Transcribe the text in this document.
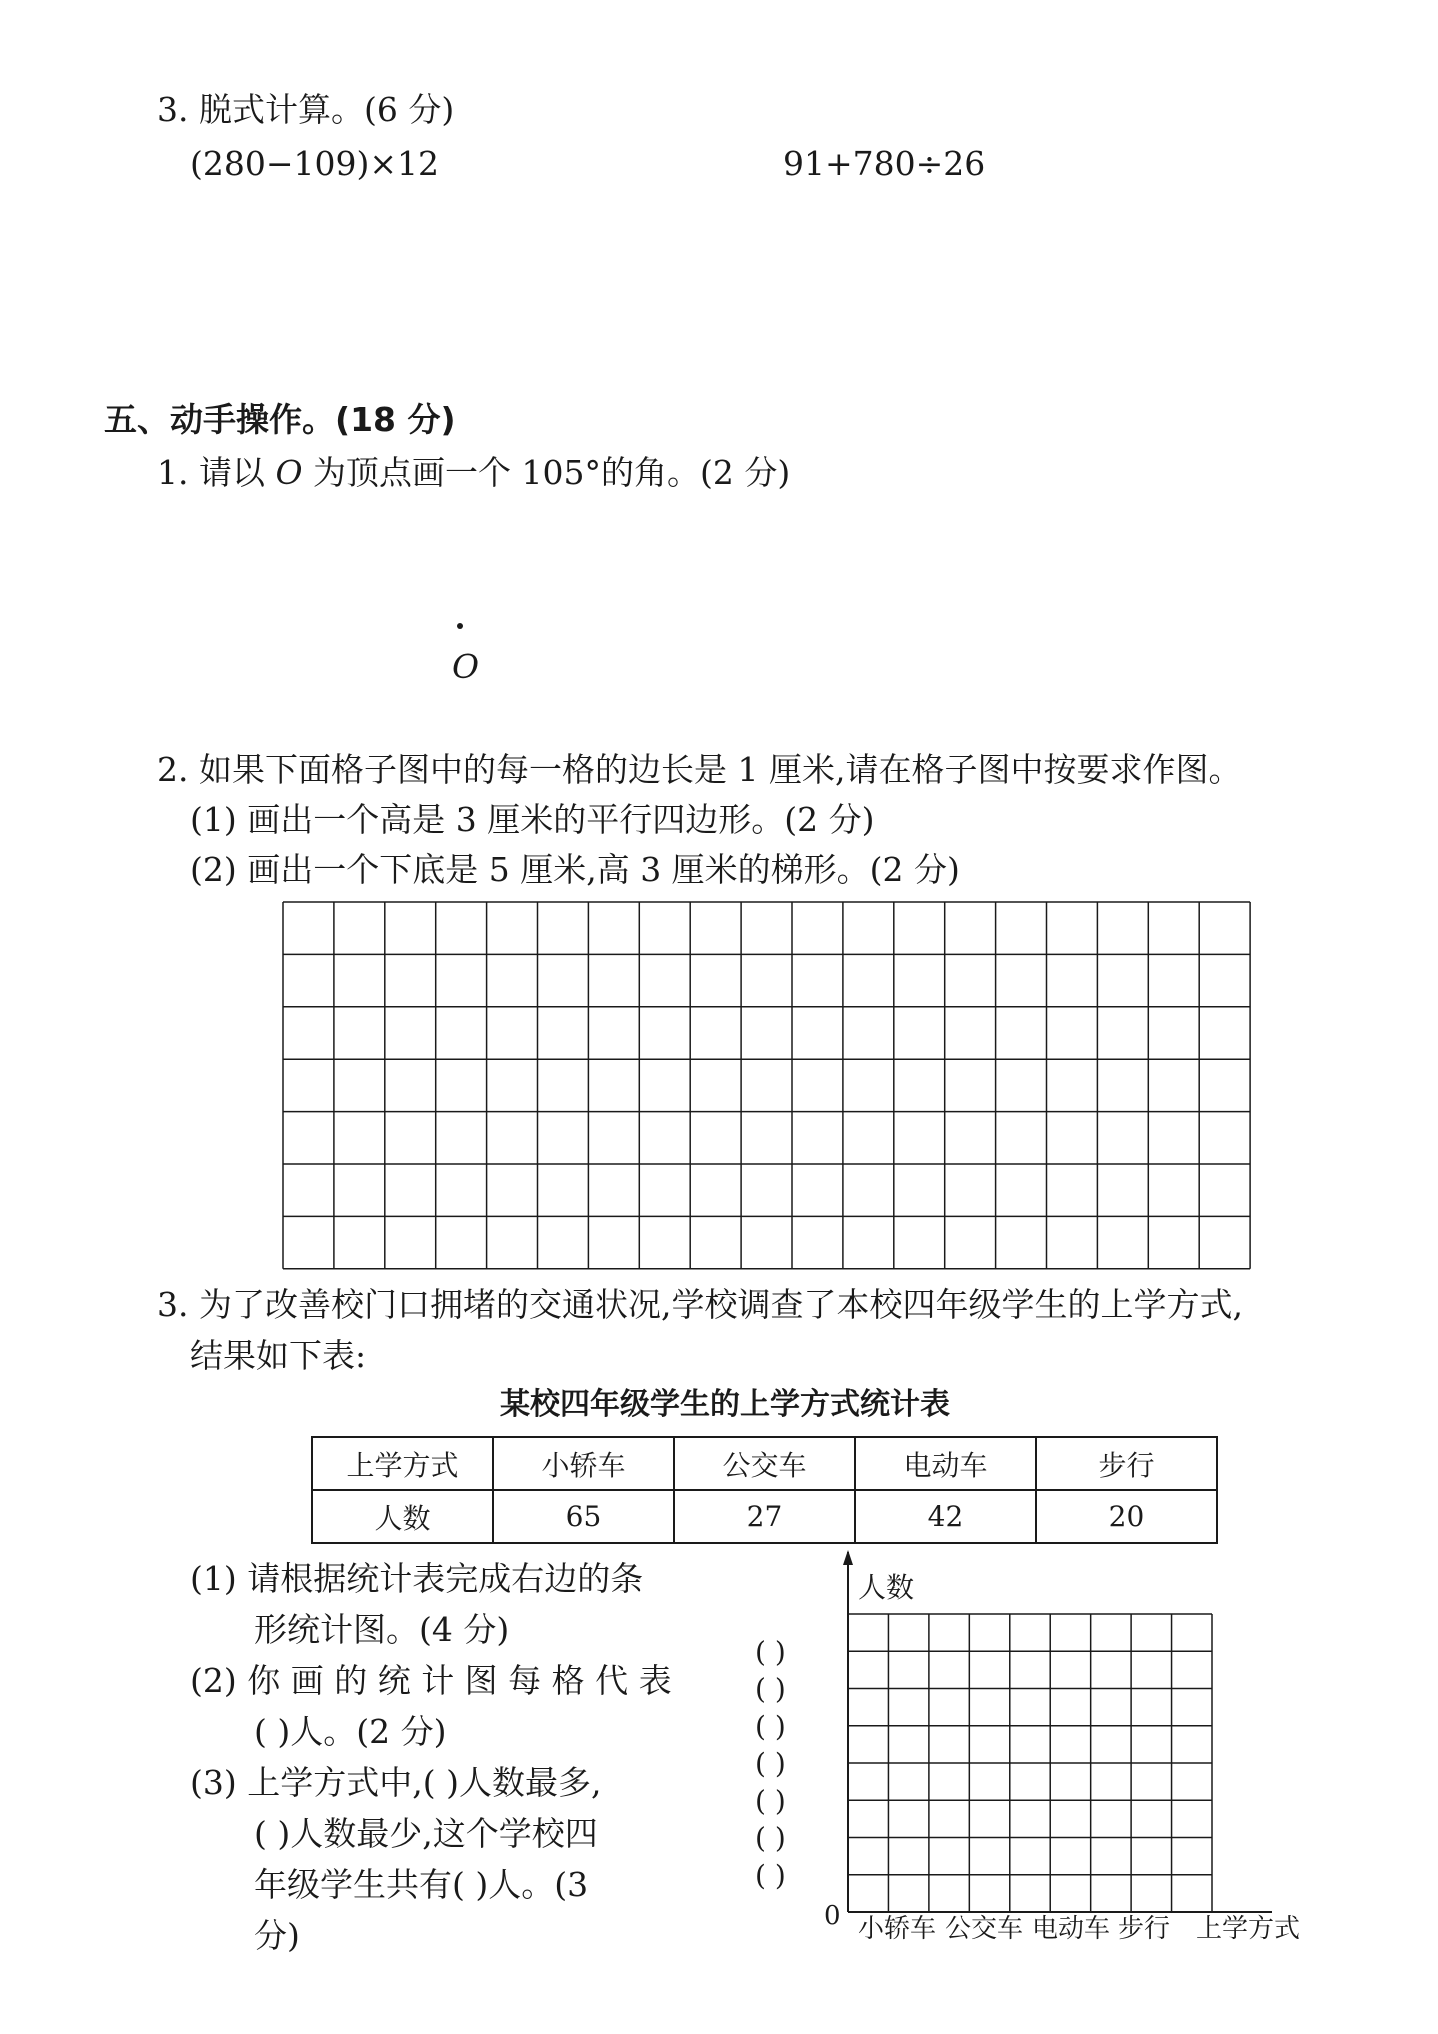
3. 脱式计算。(6 分)
(280−109)×12	91+780÷26
五、动手操作。(18 分)
1. 请以 O 为顶点画一个 105°的角。(2 分)
O
2. 如果下面格子图中的每一格的边长是 1 厘米,请在格子图中按要求作图。
(1) 画出一个高是 3 厘米的平行四边形。(2 分)
(2) 画出一个下底是 5 厘米,高 3 厘米的梯形。(2 分)
3. 为了改善校门口拥堵的交通状况,学校调查了本校四年级学生的上学方式,
结果如下表:
某校四年级学生的上学方式统计表
上学方式	小轿车	公交车	电动车	步行
人数	65	27	42	20
(1) 请根据统计表完成右边的条
形统计图。(4 分)
(2) 你 画 的 统 计 图 每 格 代 表
( )人。(2 分)
(3) 上学方式中,( )人数最多,
( )人数最少,这个学校四
年级学生共有( )人。(3
分)
人数
( )
( )
( )
( )
( )
( )
( )
0 小轿车 公交车 电动车 步行 上学方式
